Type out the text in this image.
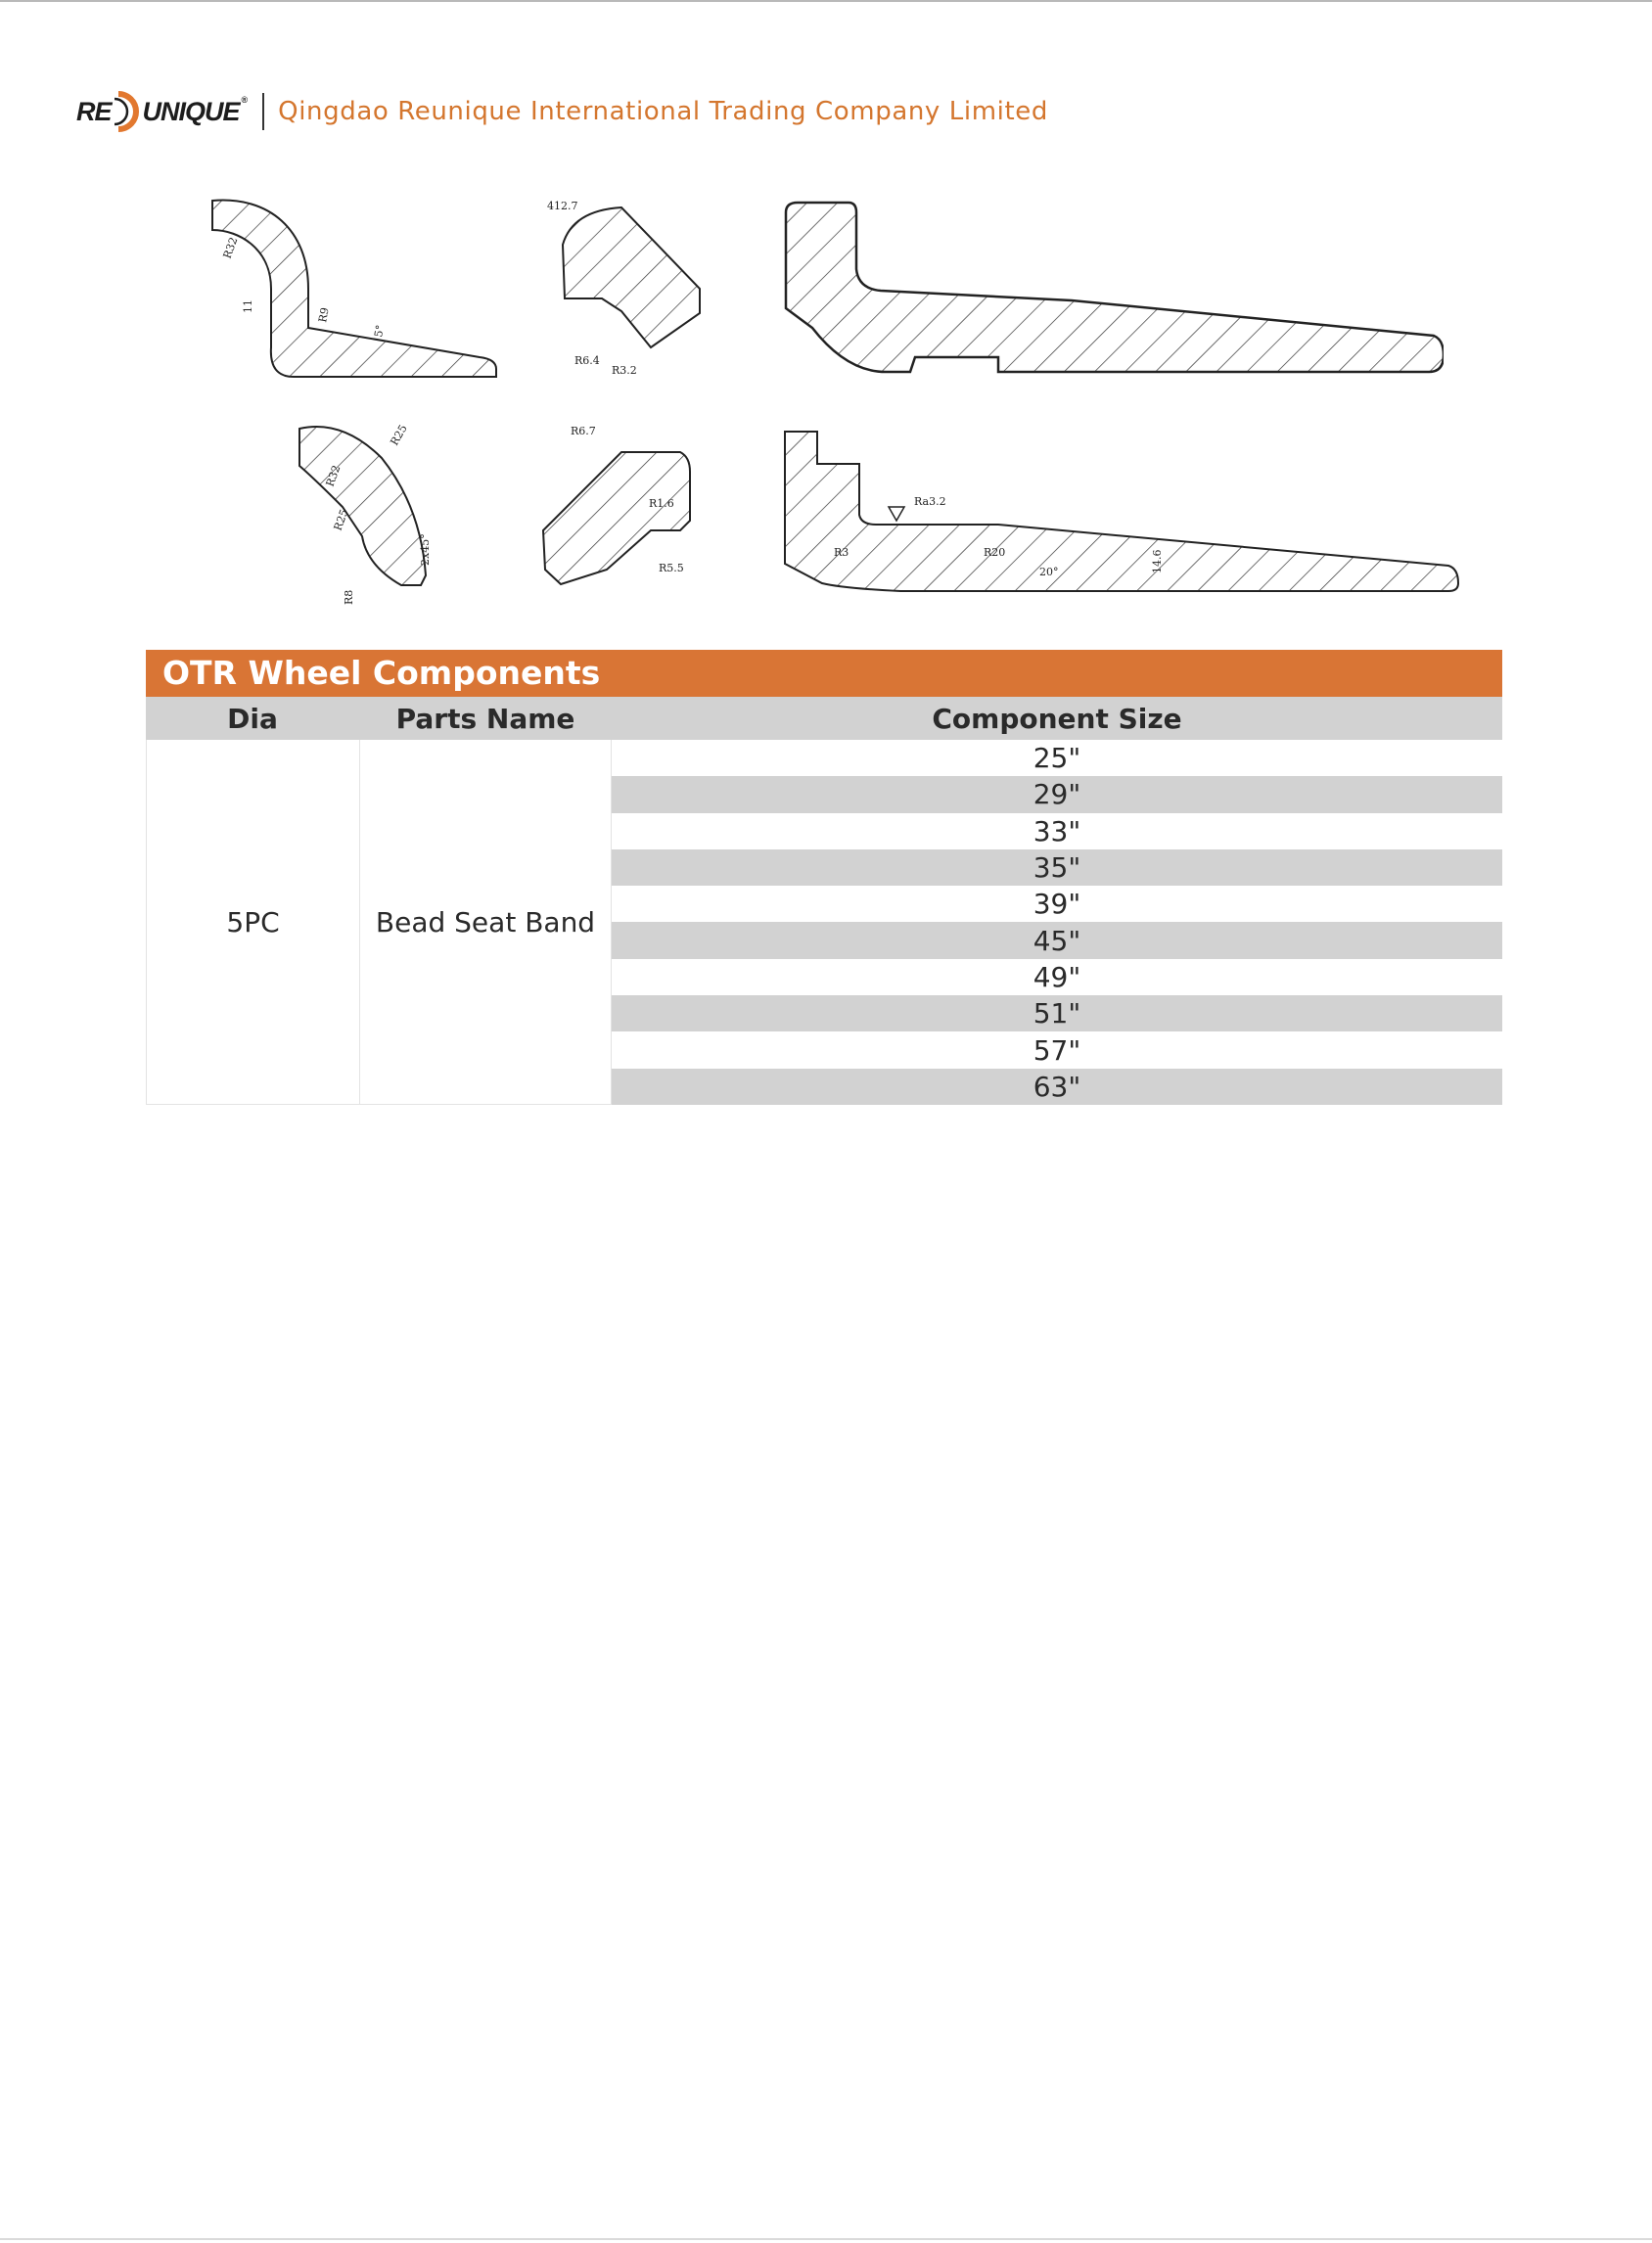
RE UNIQUE ® Qingdao Reunique International Trading Company Limited
R32
11
R9
5°
412.7
R6.4
R3.2
R25
R32
R25
2x45°
R8
R6.7
R1.6
R5.5
Ra3.2
R3	R20
20°	14.6
OTR Wheel Components
Dia	Parts Name	Component Size
5PC	Bead Seat Band
25"
29"
33"
35"
39"
45"
49"
51"
57"
63"
